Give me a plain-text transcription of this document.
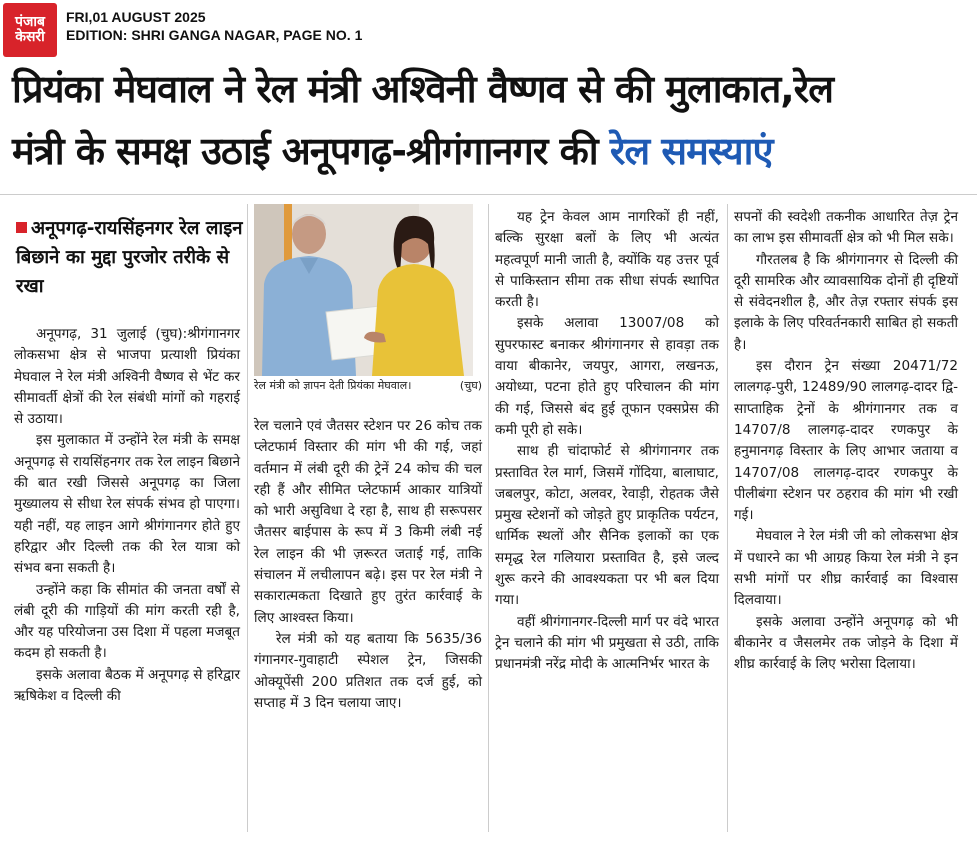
पंजाब
केसरी
FRI,01 AUGUST 2025
EDITION: SHRI GANGA NAGAR, PAGE NO. 1
प्रियंका मेघवाल ने रेल मंत्री अश्विनी वैष्णव से की मुलाकात,रेल
मंत्री के समक्ष उठाई अनूपगढ़-श्रीगंगानगर की रेल समस्याएं
अनूपगढ़-रायसिंहनगर रेल लाइन बिछाने का मुद्दा पुरजोर तरीके से रखा
रेल मंत्री को ज्ञापन देती प्रियंका मेघवाल।	(चुघ)

अनूपगढ़, 31 जुलाई (चुघ):श्रीगंगानगर लोकसभा क्षेत्र से भाजपा प्रत्याशी प्रियंका मेघवाल ने रेल मंत्री अश्विनी वैष्णव से भेंट कर सीमावर्ती क्षेत्रों की रेल संबंधी मांगों को गहराई से उठाया।

इस मुलाकात में उन्होंने रेल मंत्री के समक्ष अनूपगढ़ से रायसिंहनगर तक रेल लाइन बिछाने की बात रखी जिससे अनूपगढ़ का जिला मुख्यालय से सीधा रेल संपर्क संभव हो पाएगा। यही नहीं, यह लाइन आगे श्रीगंगानगर होते हुए हरिद्वार और दिल्ली तक की रेल यात्रा को संभव बना सकती है।

उन्होंने कहा कि सीमांत की जनता वर्षों से लंबी दूरी की गाड़ियों की मांग करती रही है, और यह परियोजना उस दिशा में पहला मजबूत कदम हो सकती है।

इसके अलावा बैठक में अनूपगढ़ से हरिद्वार ऋषिकेश व दिल्ली की

रेल चलाने एवं जैतसर स्टेशन पर 26 कोच तक प्लेटफार्म विस्तार की मांग भी की गई, जहां वर्तमान में लंबी दूरी की ट्रेनें 24 कोच की चल रही हैं और सीमित प्लेटफार्म आकार यात्रियों को भारी असुविधा दे रहा है, साथ ही सरूपसर जैतसर बाईपास के रूप में 3 किमी लंबी नई रेल लाइन की भी ज़रूरत जताई गई, ताकि संचालन में लचीलापन बढ़े। इस पर रेल मंत्री ने सकारात्मकता दिखाते हुए तुरंत कार्रवाई के लिए आश्वस्त किया।

रेल मंत्री को यह बताया कि 5635/36 गंगानगर-गुवाहाटी स्पेशल ट्रेन, जिसकी ओक्यूपेंसी 200 प्रतिशत तक दर्ज हुई, को सप्ताह में 3 दिन चलाया जाए।

यह ट्रेन केवल आम नागरिकों ही नहीं, बल्कि सुरक्षा बलों के लिए भी अत्यंत महत्वपूर्ण मानी जाती है, क्योंकि यह उत्तर पूर्व से पाकिस्तान सीमा तक सीधा संपर्क स्थापित करती है।

इसके अलावा 13007/08 को सुपरफास्ट बनाकर श्रीगंगानगर से हावड़ा तक वाया बीकानेर, जयपुर, आगरा, लखनऊ, अयोध्या, पटना होते हुए परिचालन की मांग की गई, जिससे बंद हुई तूफान एक्सप्रेस की कमी पूरी हो सके।

साथ ही चांदाफोर्ट से श्रीगंगानगर तक प्रस्तावित रेल मार्ग, जिसमें गोंदिया, बालाघाट, जबलपुर, कोटा, अलवर, रेवाड़ी, रोहतक जैसे प्रमुख स्टेशनों को जोड़ते हुए प्राकृतिक पर्यटन, धार्मिक स्थलों और सैनिक इलाकों का एक समृद्ध रेल गलियारा प्रस्तावित है, इसे जल्द शुरू करने की आवश्यकता पर भी बल दिया गया।

वहीं श्रीगंगानगर-दिल्ली मार्ग पर वंदे भारत ट्रेन चलाने की मांग भी प्रमुखता से उठी, ताकि प्रधानमंत्री नरेंद्र मोदी के आत्मनिर्भर भारत के

सपनों की स्वदेशी तकनीक आधारित तेज़ ट्रेन का लाभ इस सीमावर्ती क्षेत्र को भी मिल सके।

गौरतलब है कि श्रीगंगानगर से दिल्ली की दूरी सामरिक और व्यावसायिक दोनों ही दृष्टियों से संवेदनशील है, और तेज़ रफ्तार संपर्क इस इलाके के लिए परिवर्तनकारी साबित हो सकती है।

इस दौरान ट्रेन संख्या 20471/72 लालगढ़-पुरी, 12489/90 लालगढ़-दादर द्वि-साप्ताहिक ट्रेनों के श्रीगंगानगर तक व 14707/8 लालगढ़-दादर रणकपुर के हनुमानगढ़ विस्तार के लिए आभार जताया व 14707/08 लालगढ़-दादर रणकपुर के पीलीबंगा स्टेशन पर ठहराव की मांग भी रखी गई।

मेघवाल ने रेल मंत्री जी को लोकसभा क्षेत्र में पधारने का भी आग्रह किया रेल मंत्री ने इन सभी मांगों पर शीघ्र कार्रवाई का विश्वास दिलवाया।

इसके अलावा उन्होंने अनूपगढ़ को भी बीकानेर व जैसलमेर तक जोड़ने के दिशा में शीघ्र कार्रवाई के लिए भरोसा दिलाया।
